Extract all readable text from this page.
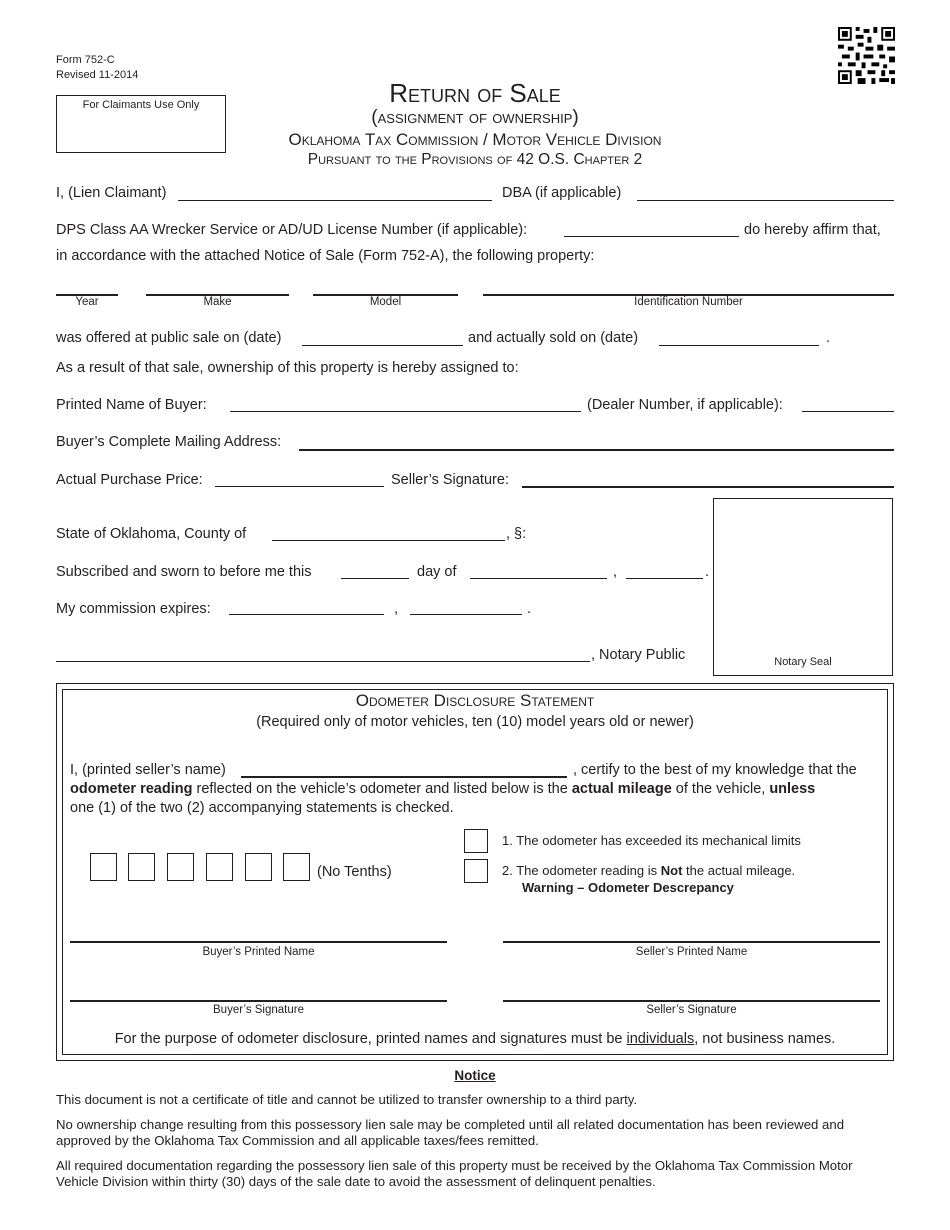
Form 752-C
Revised 11-2014
For Claimants Use Only	Return of Sale
(assignment of ownership)
Oklahoma Tax Commission / Motor Vehicle Division
Pursuant to the Provisions of 42 O.S. Chapter 2
I, (Lien Claimant)	DBA (if applicable)
DPS Class AA Wrecker Service or AD/UD License Number (if applicable):	do hereby affirm that,
in accordance with the attached Notice of Sale (Form 752-A), the following property:
Year	Make	Model	Identification Number
was offered at public sale on (date)	and actually sold on (date)	.
As a result of that sale, ownership of this property is hereby assigned to:
Printed Name of Buyer:	(Dealer Number, if applicable):
Buyer’s Complete Mailing Address:
Actual Purchase Price:	Seller’s Signature:
State of Oklahoma, County of	, §:
Subscribed and sworn to before me this	day of	,	.
My commission expires:	,	.
, Notary Public	Notary Seal
Odometer Disclosure Statement
(Required only of motor vehicles, ten (10) model years old or newer)
I, (printed seller’s name)	, certify to the best of my knowledge that the
odometer reading reflected on the vehicle’s odometer and listed below is the actual mileage of the vehicle, unless
one (1) of the two (2) accompanying statements is checked.
(No Tenths)
1. The odometer has exceeded its mechanical limits
2. The odometer reading is Not the actual mileage.
Warning – Odometer Descrepancy
Buyer’s Printed Name	Seller’s Printed Name
Buyer’s Signature	Seller’s Signature
For the purpose of odometer disclosure, printed names and signatures must be individuals, not business names.
Notice
This document is not a certificate of title and cannot be utilized to transfer ownership to a third party.
No ownership change resulting from this possessory lien sale may be completed until all related documentation has been reviewed and approved by the Oklahoma Tax Commission and all applicable taxes/fees remitted.
All required documentation regarding the possessory lien sale of this property must be received by the Oklahoma Tax Commission Motor Vehicle Division within thirty (30) days of the sale date to avoid the assessment of delinquent penalties.
